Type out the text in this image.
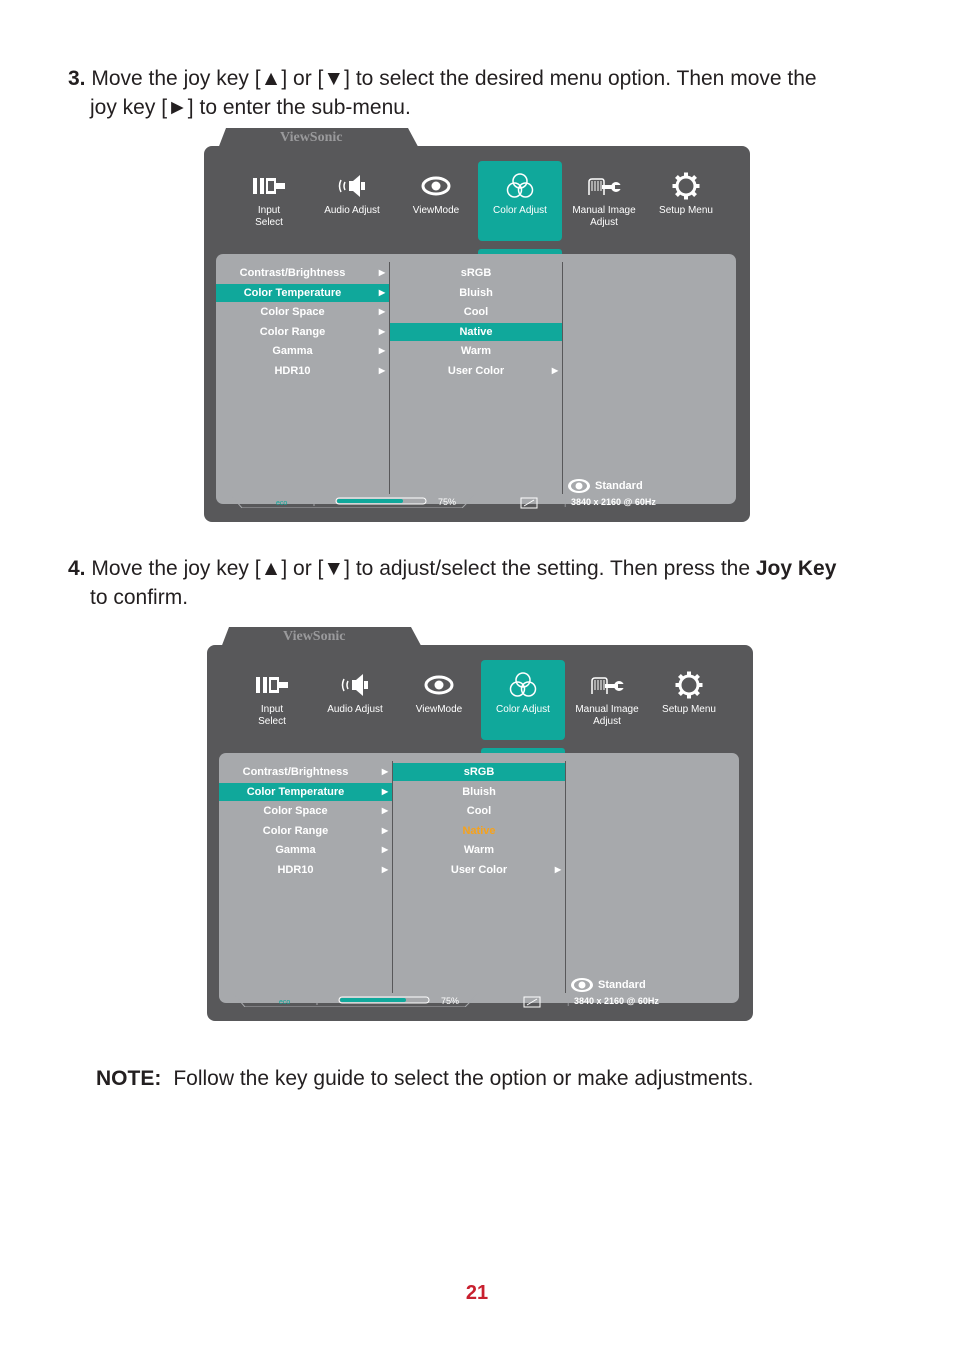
3. Move the joy key [▲] or [▼] to select the desired menu option. Then move the
joy key [►] to enter the sub-menu.
ViewSonic
Input
Select
Audio Adjust	ViewMode	Color Adjust	Manual Image
Adjust
Setup Menu
Contrast/Brightness	▶
Color Temperature	▶
Color Space	▶
Color Range	▶
Gamma	▶
HDR10	▶
sRGB
Bluish
Cool
Native
Warm
User Color	▶
Standard
eco	75%	| 3840 x 2160 @ 60Hz
4. Move the joy key [▲] or [▼] to adjust/select the setting. Then press the Joy Key
to confirm.
ViewSonic
Input
Select
Audio Adjust	ViewMode	Color Adjust	Manual Image
Adjust
Setup Menu
Contrast/Brightness	▶
Color Temperature	▶
Color Space	▶
Color Range	▶
Gamma	▶
HDR10	▶
sRGB
Bluish
Cool
Native
Warm
User Color	▶
Standard
eco	75%	| 3840 x 2160 @ 60Hz
NOTE: Follow the key guide to select the option or make adjustments.
21
